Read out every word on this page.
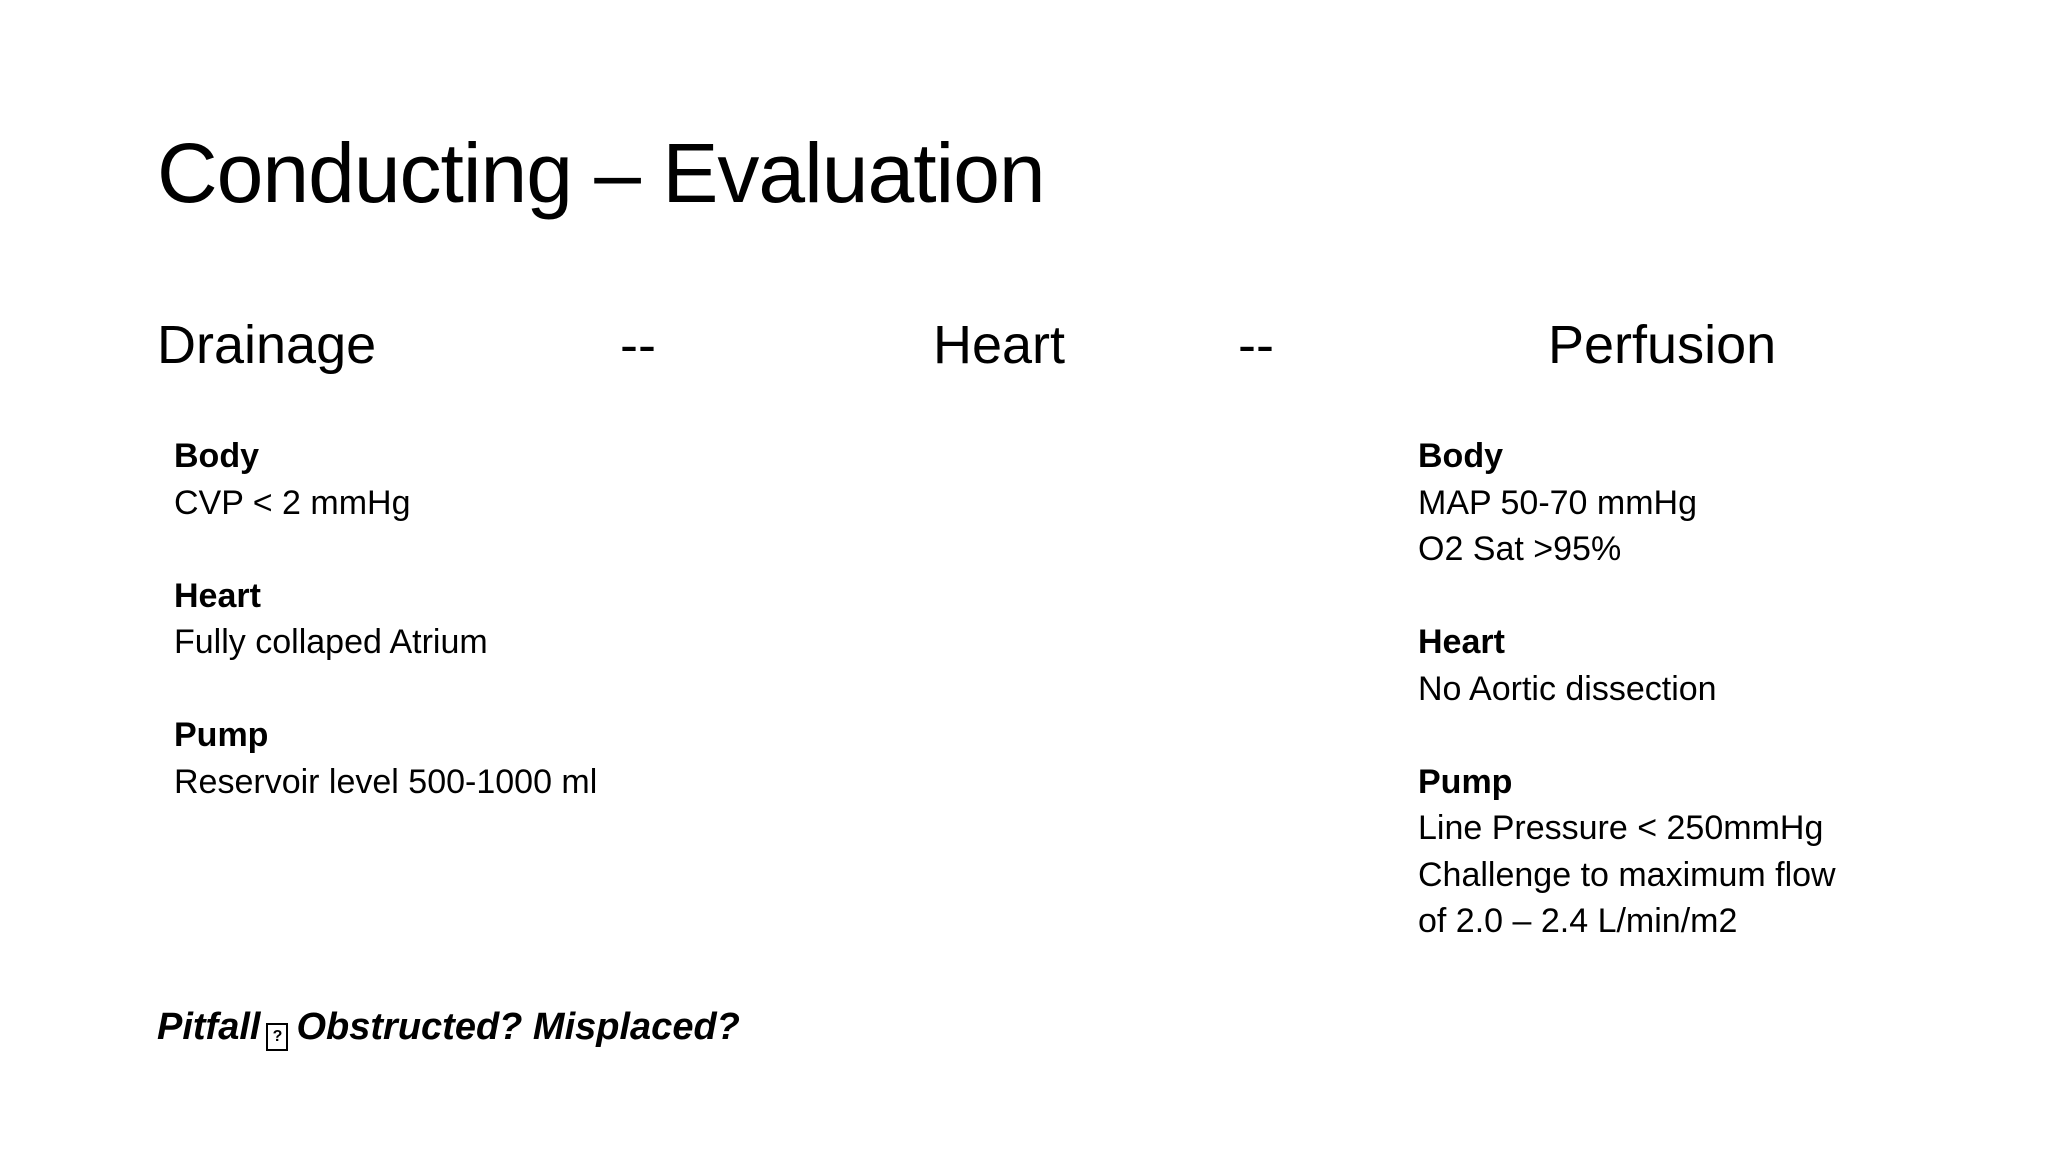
Conducting – Evaluation
Drainage	--	Heart	--	Perfusion
Body
CVP < 2 mmHg
Heart
Fully collaped Atrium
Pump
Reservoir level 500-1000 ml
Body
MAP 50-70 mmHg
O2 Sat >95%
Heart
No Aortic dissection
Pump
Line Pressure < 250mmHg
Challenge to maximum flow
of 2.0 – 2.4 L/min/m2
Pitfall ? Obstructed? Misplaced?
